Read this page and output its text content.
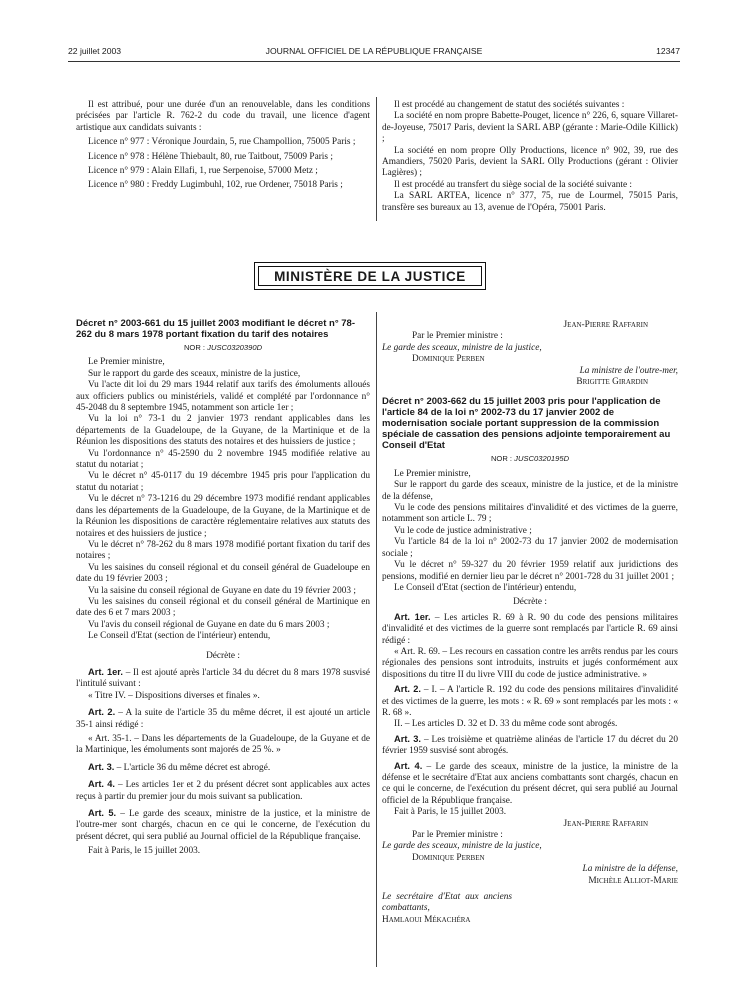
22 juillet 2003	JOURNAL OFFICIEL DE LA RÉPUBLIQUE FRANÇAISE	12347

Il est attribué, pour une durée d'un an renouvelable, dans les conditions précisées par l'article R. 762-2 du code du travail, une licence d'agent artistique aux candidats suivants :

Licence n° 977 : Véronique Jourdain, 5, rue Champollion, 75005 Paris ;

Licence n° 978 : Hélène Thiebault, 80, rue Taitbout, 75009 Paris ;

Licence n° 979 : Alain Ellafi, 1, rue Serpenoise, 57000 Metz ;

Licence n° 980 : Freddy Lugimbuhl, 102, rue Ordener, 75018 Paris ;

Il est procédé au changement de statut des sociétés suivantes :

La société en nom propre Babette-Pouget, licence n° 226, 6, square Villaret-de-Joyeuse, 75017 Paris, devient la SARL ABP (gérante : Marie-Odile Killick) ;

La société en nom propre Olly Productions, licence n° 902, 39, rue des Amandiers, 75020 Paris, devient la SARL Olly Productions (gérant : Olivier Lagières) ;

Il est procédé au transfert du siège social de la société suivante :

La SARL ARTEA, licence n° 377, 75, rue de Lourmel, 75015 Paris, transfère ses bureaux au 13, avenue de l'Opéra, 75001 Paris.

MINISTÈRE DE LA JUSTICE

Décret n° 2003-661 du 15 juillet 2003 modifiant le décret n° 78-262 du 8 mars 1978 portant fixation du tarif des notaires

NOR : JUSC0320390D

Le Premier ministre,

Sur le rapport du garde des sceaux, ministre de la justice,

Vu l'acte dit loi du 29 mars 1944 relatif aux tarifs des émoluments alloués aux officiers publics ou ministériels, validé et complété par l'ordonnance n° 45-2048 du 8 septembre 1945, notamment son article 1er ;

Vu la loi n° 73-1 du 2 janvier 1973 rendant applicables dans les départements de la Guadeloupe, de la Guyane, de la Martinique et de la Réunion les dispositions des statuts des notaires et des huissiers de justice ;

Vu l'ordonnance n° 45-2590 du 2 novembre 1945 modifiée relative au statut du notariat ;

Vu le décret n° 45-0117 du 19 décembre 1945 pris pour l'application du statut du notariat ;

Vu le décret n° 73-1216 du 29 décembre 1973 modifié rendant applicables dans les départements de la Guadeloupe, de la Guyane, de la Martinique et de la Réunion les dispositions de caractère réglementaire relatives aux statuts des notaires et des huissiers de justice ;

Vu le décret n° 78-262 du 8 mars 1978 modifié portant fixation du tarif des notaires ;

Vu les saisines du conseil régional et du conseil général de Guadeloupe en date du 19 février 2003 ;

Vu la saisine du conseil régional de Guyane en date du 19 février 2003 ;

Vu les saisines du conseil régional et du conseil général de Martinique en date des 6 et 7 mars 2003 ;

Vu l'avis du conseil régional de Guyane en date du 6 mars 2003 ;

Le Conseil d'Etat (section de l'intérieur) entendu,

Décrète :

Art. 1er. – Il est ajouté après l'article 34 du décret du 8 mars 1978 susvisé l'intitulé suivant :

« Titre IV. – Dispositions diverses et finales ».

Art. 2. – A la suite de l'article 35 du même décret, il est ajouté un article 35-1 ainsi rédigé :

« Art. 35-1. – Dans les départements de la Guadeloupe, de la Guyane et de la Martinique, les émoluments sont majorés de 25 %. »

Art. 3. – L'article 36 du même décret est abrogé.

Art. 4. – Les articles 1er et 2 du présent décret sont applicables aux actes reçus à partir du premier jour du mois suivant sa publication.

Art. 5. – Le garde des sceaux, ministre de la justice, et la ministre de l'outre-mer sont chargés, chacun en ce qui le concerne, de l'exécution du présent décret, qui sera publié au Journal officiel de la République française.

Fait à Paris, le 15 juillet 2003.

Jean-Pierre Raffarin

Par le Premier ministre :

Le garde des sceaux, ministre de la justice,

Dominique Perben

La ministre de l'outre-mer,

Brigitte Girardin

Décret n° 2003-662 du 15 juillet 2003 pris pour l'application de l'article 84 de la loi n° 2002-73 du 17 janvier 2002 de modernisation sociale portant suppression de la commission spéciale de cassation des pensions adjointe temporairement au Conseil d'Etat

NOR : JUSC0320195D

Le Premier ministre,

Sur le rapport du garde des sceaux, ministre de la justice, et de la ministre de la défense,

Vu le code des pensions militaires d'invalidité et des victimes de la guerre, notamment son article L. 79 ;

Vu le code de justice administrative ;

Vu l'article 84 de la loi n° 2002-73 du 17 janvier 2002 de modernisation sociale ;

Vu le décret n° 59-327 du 20 février 1959 relatif aux juridictions des pensions, modifié en dernier lieu par le décret n° 2001-728 du 31 juillet 2001 ;

Le Conseil d'Etat (section de l'intérieur) entendu,

Décrète :

Art. 1er. – Les articles R. 69 à R. 90 du code des pensions militaires d'invalidité et des victimes de la guerre sont remplacés par l'article R. 69 ainsi rédigé :

« Art. R. 69. – Les recours en cassation contre les arrêts rendus par les cours régionales des pensions sont introduits, instruits et jugés conformément aux dispositions du titre II du livre VIII du code de justice administrative. »

Art. 2. – I. – A l'article R. 192 du code des pensions militaires d'invalidité et des victimes de la guerre, les mots : « R. 69 » sont remplacés par les mots : « R. 68 ».

II. – Les articles D. 32 et D. 33 du même code sont abrogés.

Art. 3. – Les troisième et quatrième alinéas de l'article 17 du décret du 20 février 1959 susvisé sont abrogés.

Art. 4. – Le garde des sceaux, ministre de la justice, la ministre de la défense et le secrétaire d'Etat aux anciens combattants sont chargés, chacun en ce qui le concerne, de l'exécution du présent décret, qui sera publié au Journal officiel de la République française.

Fait à Paris, le 15 juillet 2003.

Jean-Pierre Raffarin

Par le Premier ministre :

Le garde des sceaux, ministre de la justice,

Dominique Perben

La ministre de la défense,

Michèle Alliot-Marie

Le secrétaire d'Etat aux anciens combattants,

Hamlaoui Mékachéra
